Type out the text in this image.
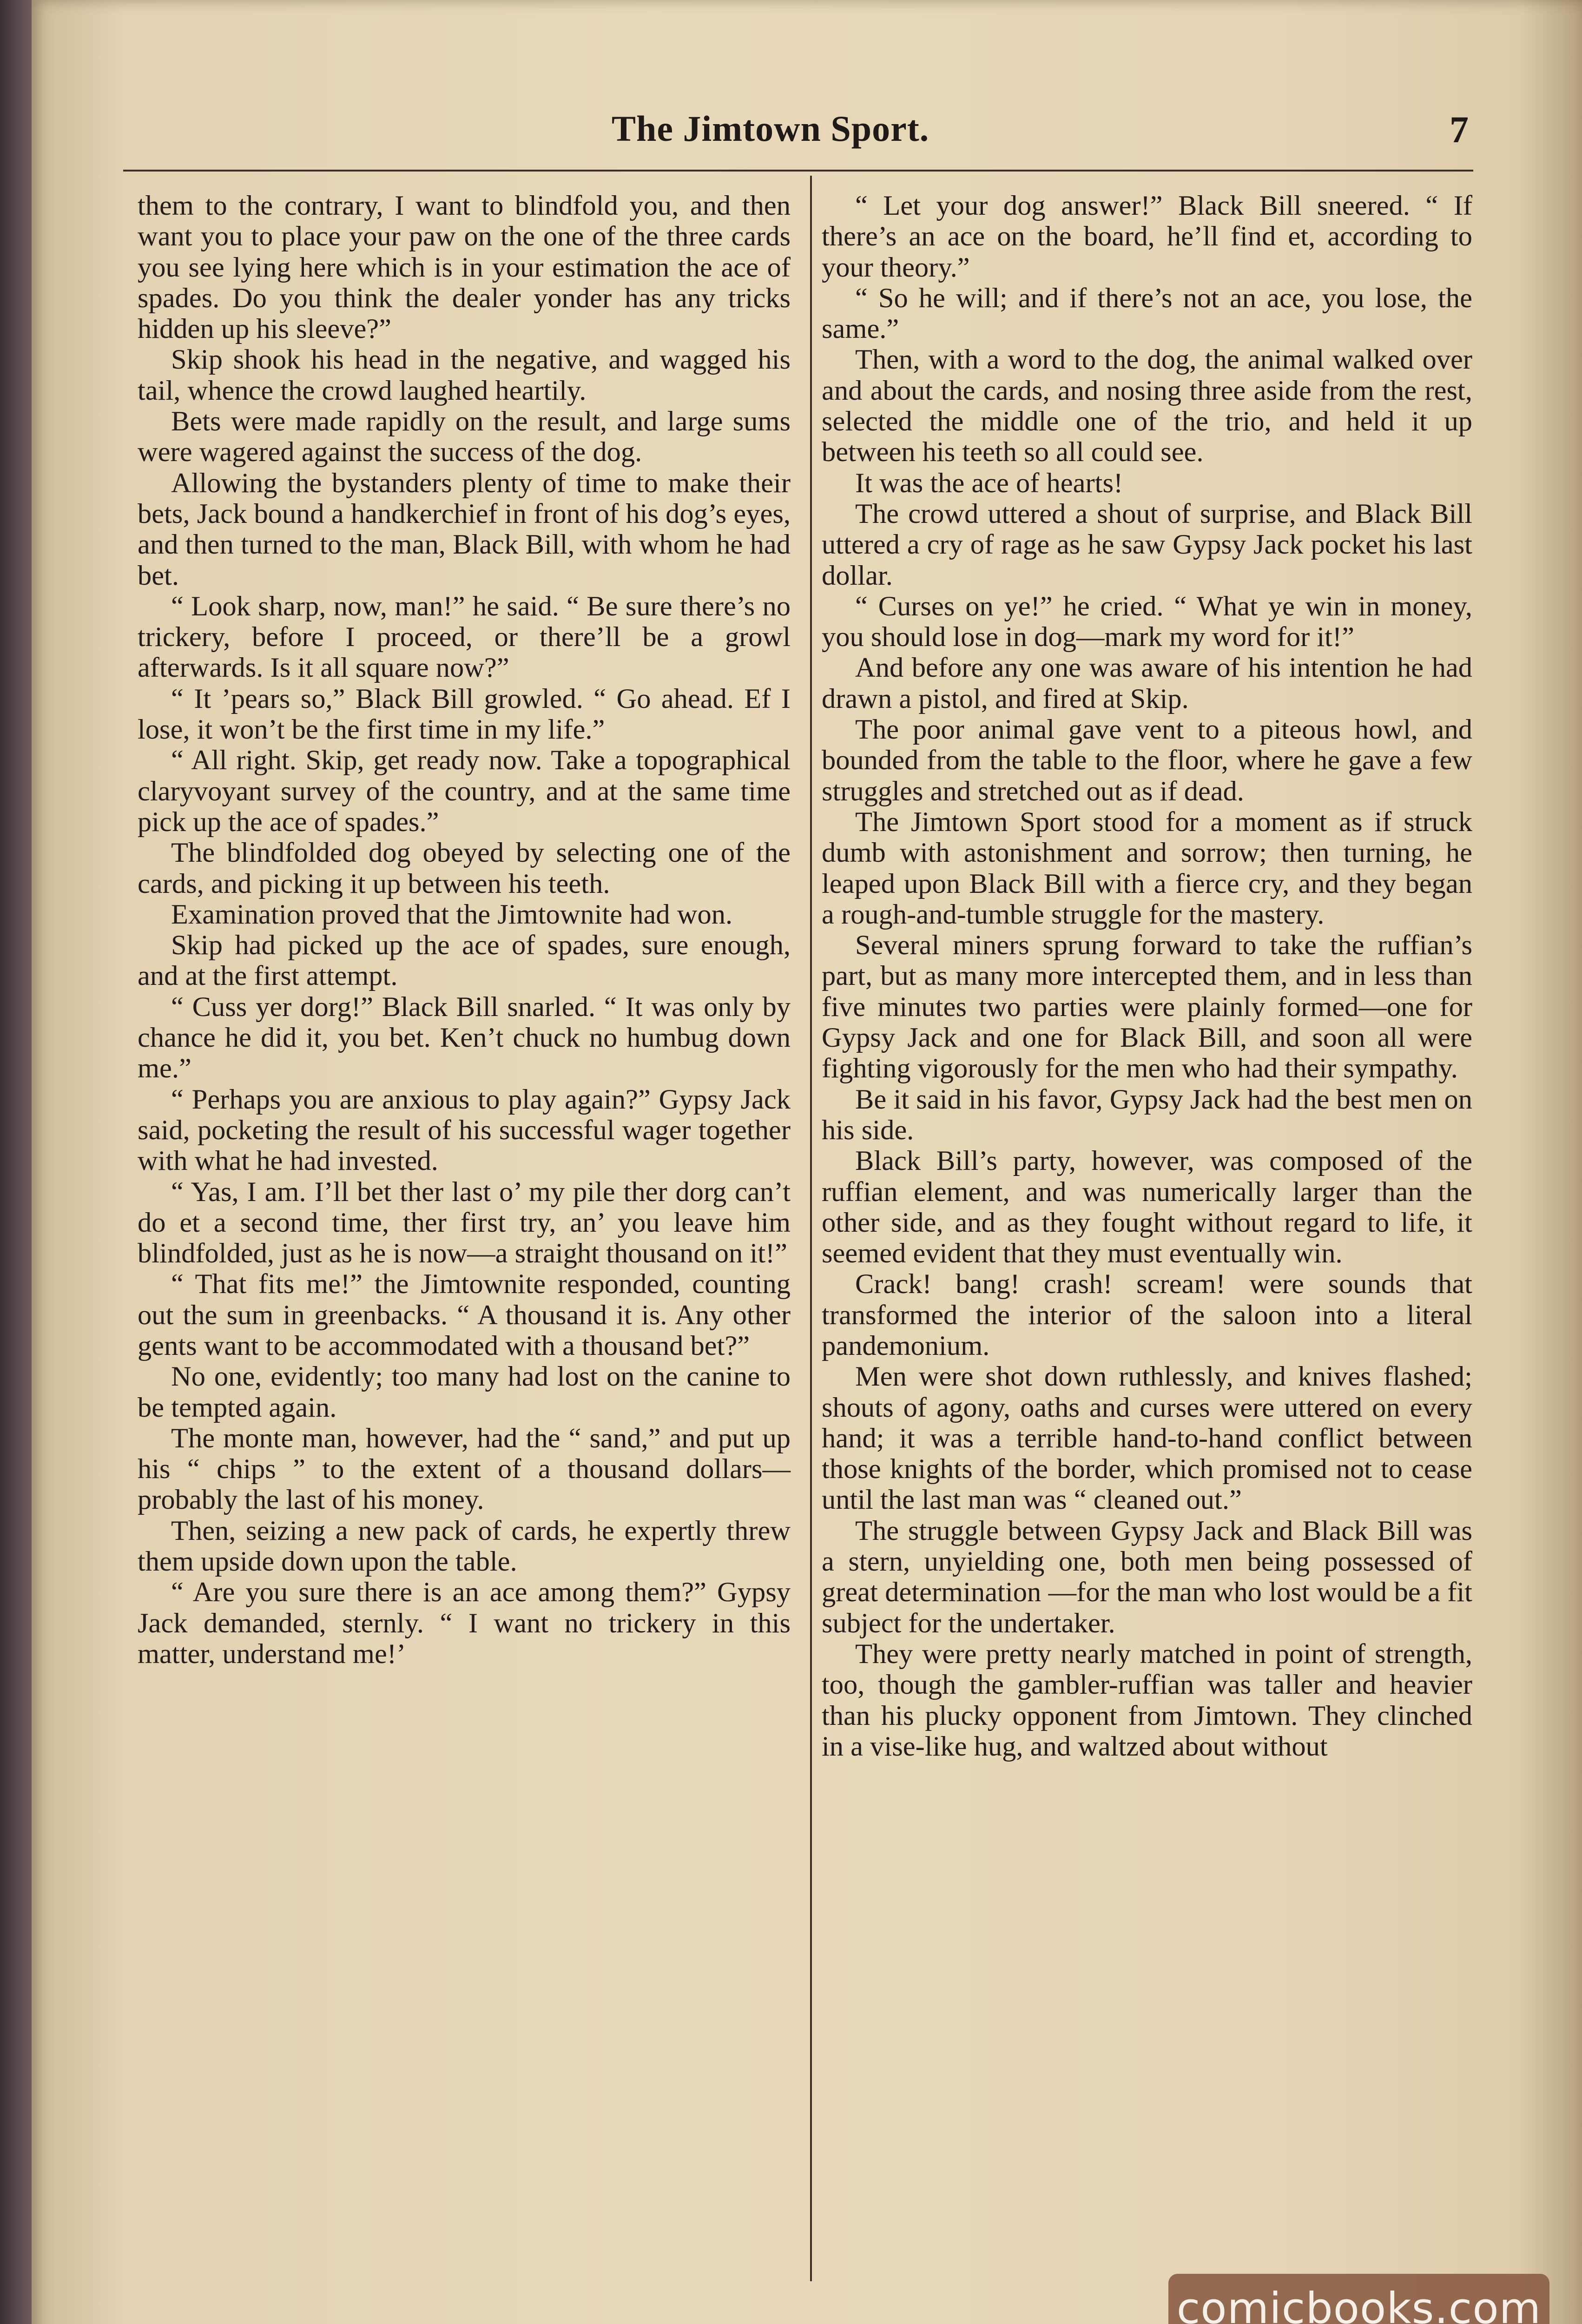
The Jimtown Sport.	7

them to the contrary, I want to blindfold you, and then want you to place your paw on the one of the three cards you see lying here which is in your estimation the ace of spades. Do you think the dealer yonder has any tricks hidden up his sleeve?”

Skip shook his head in the negative, and wagged his tail, whence the crowd laughed heartily.

Bets were made rapidly on the result, and large sums were wagered against the success of the dog.

Allowing the bystanders plenty of time to make their bets, Jack bound a handkerchief in front of his dog’s eyes, and then turned to the man, Black Bill, with whom he had bet.

“ Look sharp, now, man!” he said. “ Be sure there’s no trickery, before I proceed, or there’ll be a growl afterwards. Is it all square now?”

“ It ’pears so,” Black Bill growled. “ Go ahead. Ef I lose, it won’t be the first time in my life.”

“ All right. Skip, get ready now. Take a topographical claryvoyant survey of the country, and at the same time pick up the ace of spades.”

The blindfolded dog obeyed by selecting one of the cards, and picking it up between his teeth.

Examination proved that the Jimtownite had won.

Skip had picked up the ace of spades, sure enough, and at the first attempt.

“ Cuss yer dorg!” Black Bill snarled. “ It was only by chance he did it, you bet. Ken’t chuck no humbug down me.”

“ Perhaps you are anxious to play again?” Gypsy Jack said, pocketing the result of his successful wager together with what he had invested.

“ Yas, I am. I’ll bet ther last o’ my pile ther dorg can’t do et a second time, ther first try, an’ you leave him blindfolded, just as he is now—a straight thousand on it!”

“ That fits me!” the Jimtownite responded, counting out the sum in greenbacks. “ A thousand it is. Any other gents want to be accommodated with a thousand bet?”

No one, evidently; too many had lost on the canine to be tempted again.

The monte man, however, had the “ sand,” and put up his “ chips ” to the extent of a thousand dollars—probably the last of his money.

Then, seizing a new pack of cards, he expertly threw them upside down upon the table.

“ Are you sure there is an ace among them?” Gypsy Jack demanded, sternly. “ I want no trickery in this matter, understand me!’

“ Let your dog answer!” Black Bill sneered. “ If there’s an ace on the board, he’ll find et, according to your theory.”

“ So he will; and if there’s not an ace, you lose, the same.”

Then, with a word to the dog, the animal walked over and about the cards, and nosing three aside from the rest, selected the middle one of the trio, and held it up between his teeth so all could see.

It was the ace of hearts!

The crowd uttered a shout of surprise, and Black Bill uttered a cry of rage as he saw Gypsy Jack pocket his last dollar.

“ Curses on ye!” he cried. “ What ye win in money, you should lose in dog—mark my word for it!”

And before any one was aware of his intention he had drawn a pistol, and fired at Skip.

The poor animal gave vent to a piteous howl, and bounded from the table to the floor, where he gave a few struggles and stretched out as if dead.

The Jimtown Sport stood for a moment as if struck dumb with astonishment and sorrow; then turning, he leaped upon Black Bill with a fierce cry, and they began a rough-and-tumble struggle for the mastery.

Several miners sprung forward to take the ruffian’s part, but as many more intercepted them, and in less than five minutes two parties were plainly formed—one for Gypsy Jack and one for Black Bill, and soon all were fighting vigorously for the men who had their sympathy.

Be it said in his favor, Gypsy Jack had the best men on his side.

Black Bill’s party, however, was composed of the ruffian element, and was numerically larger than the other side, and as they fought without regard to life, it seemed evident that they must eventually win.

Crack! bang! crash! scream! were sounds that transformed the interior of the saloon into a literal pandemonium.

Men were shot down ruthlessly, and knives flashed; shouts of agony, oaths and curses were uttered on every hand; it was a terrible hand-to-hand conflict between those knights of the border, which promised not to cease until the last man was “ cleaned out.”

The struggle between Gypsy Jack and Black Bill was a stern, unyielding one, both men being possessed of great determination —for the man who lost would be a fit subject for the undertaker.

They were pretty nearly matched in point of strength, too, though the gambler-ruffian was taller and heavier than his plucky opponent from Jimtown. They clinched in a vise-like hug, and waltzed about without

comicbooks.com
